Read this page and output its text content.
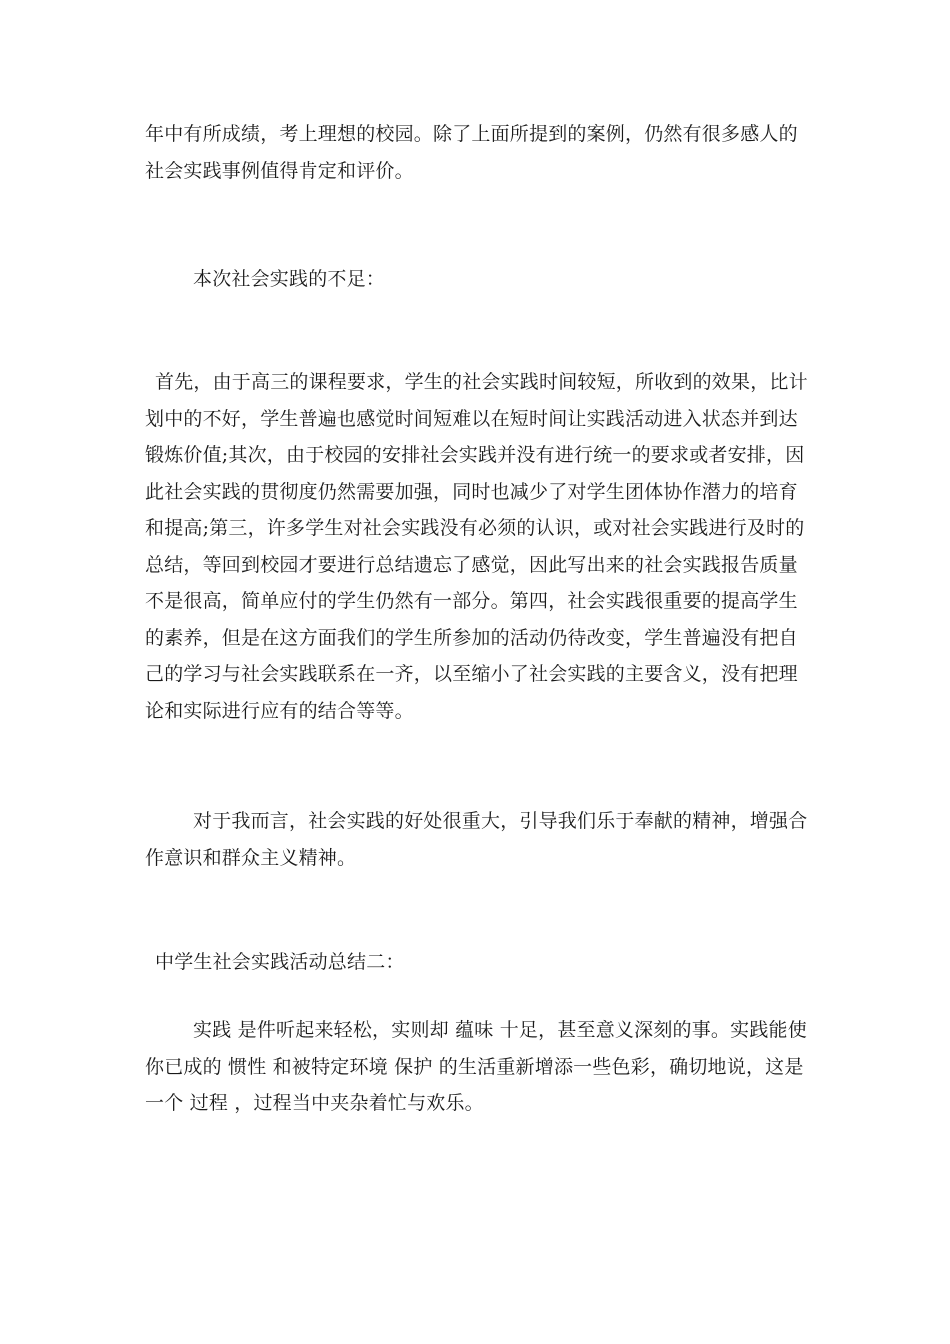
年中有所成绩，考上理想的校园。除了上面所提到的案例，仍然有很多感人的社会实践事例值得肯定和评价。

本次社会实践的不足：

首先，由于高三的课程要求，学生的社会实践时间较短，所收到的效果，比计划中的不好，学生普遍也感觉时间短难以在短时间让实践活动进入状态并到达锻炼价值;其次，由于校园的安排社会实践并没有进行统一的要求或者安排，因此社会实践的贯彻度仍然需要加强，同时也减少了对学生团体协作潜力的培育和提高;第三，许多学生对社会实践没有必须的认识，或对社会实践进行及时的总结，等回到校园才要进行总结遗忘了感觉，因此写出来的社会实践报告质量不是很高，简单应付的学生仍然有一部分。第四，社会实践很重要的提高学生的素养，但是在这方面我们的学生所参加的活动仍待改变，学生普遍没有把自己的学习与社会实践联系在一齐，以至缩小了社会实践的主要含义，没有把理论和实际进行应有的结合等等。

对于我而言，社会实践的好处很重大，引导我们乐于奉献的精神，增强合作意识和群众主义精神。

中学生社会实践活动总结二：

实践 是件听起来轻松，实则却 蕴味 十足，甚至意义深刻的事。实践能使你已成的 惯性 和被特定环境 保护 的生活重新增添一些色彩，确切地说，这是一个 过程 ，过程当中夹杂着忙与欢乐。
